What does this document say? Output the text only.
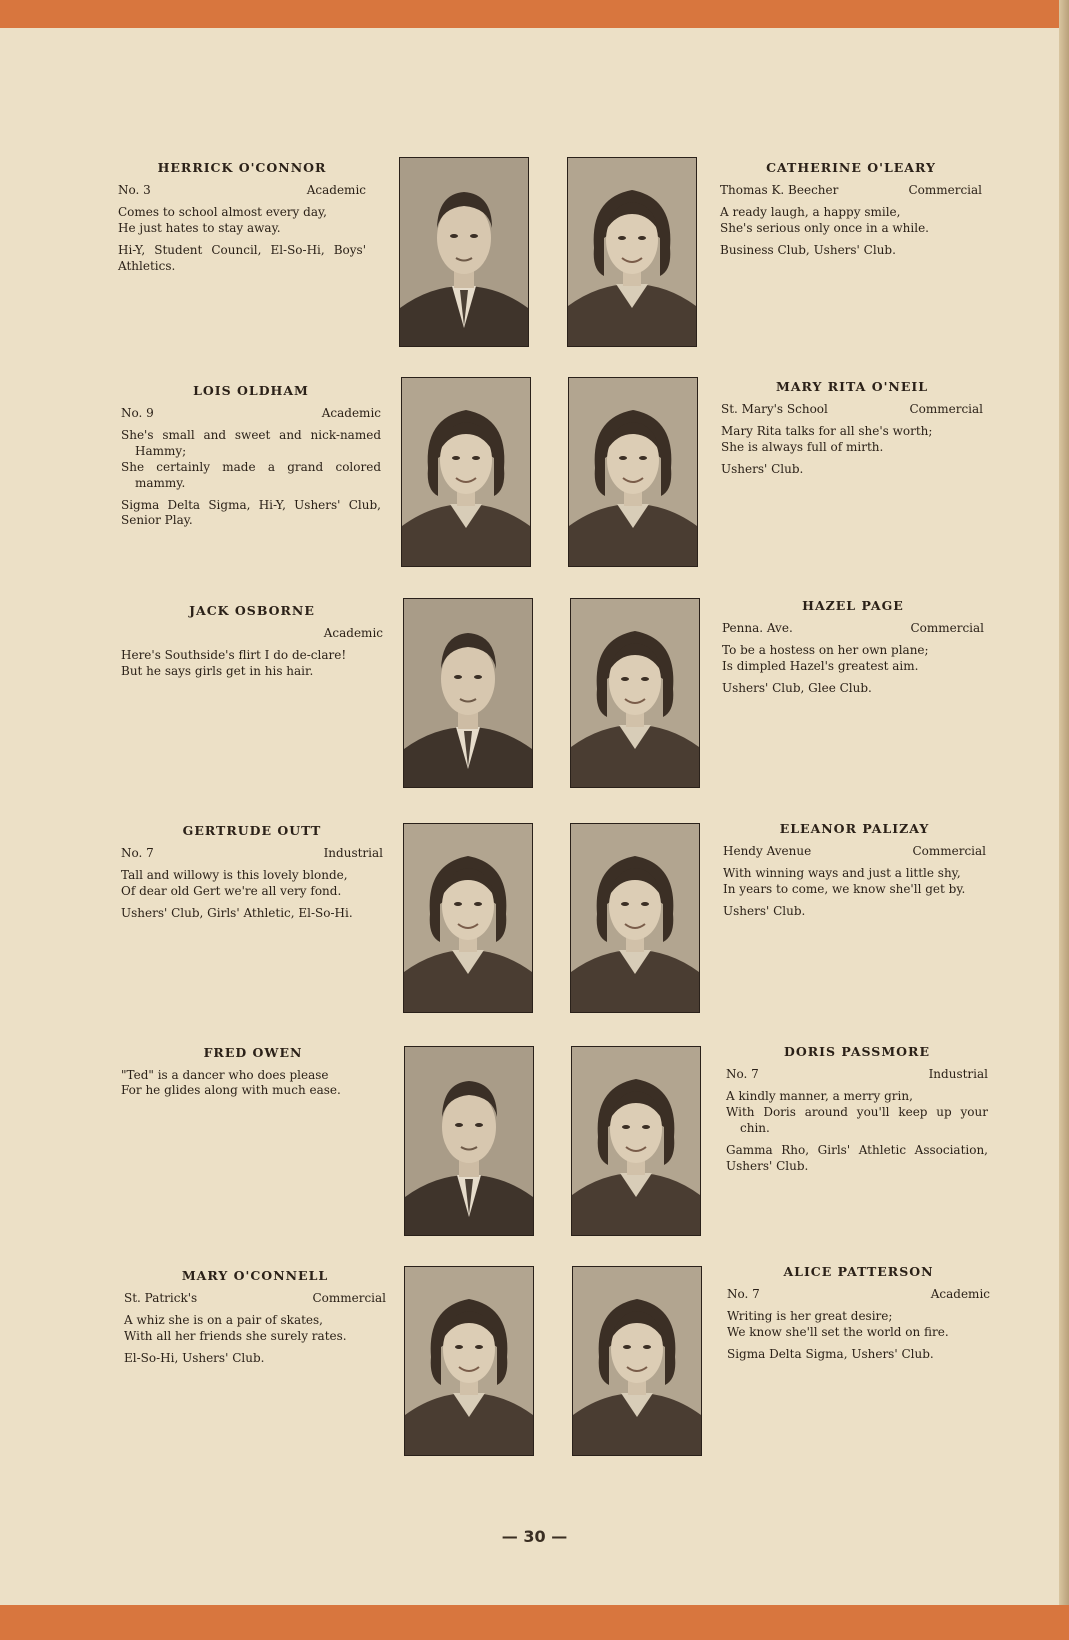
HERRICK O'CONNOR
No. 3	Academic

Comes to school almost every day,

He just hates to stay away.

Hi-Y, Student Council, El-So-Hi, Boys' Athletics.
CATHERINE O'LEARY
Thomas K. Beecher	Commercial

A ready laugh, a happy smile,

She's serious only once in a while.

Business Club, Ushers' Club.
LOIS OLDHAM
No. 9	Academic

She's small and sweet and nick-named Hammy;

She certainly made a grand colored mammy.

Sigma Delta Sigma, Hi-Y, Ushers' Club, Senior Play.
MARY RITA O'NEIL
St. Mary's School	Commercial

Mary Rita talks for all she's worth;

She is always full of mirth.

Ushers' Club.
JACK OSBORNE
Academic

Here's Southside's flirt I do de-clare!

But he says girls get in his hair.

HAZEL PAGE
Penna. Ave.	Commercial

To be a hostess on her own plane;

Is dimpled Hazel's greatest aim.

Ushers' Club, Glee Club.
GERTRUDE OUTT
No. 7	Industrial

Tall and willowy is this lovely blonde,

Of dear old Gert we're all very fond.

Ushers' Club, Girls' Athletic, El-So-Hi.
ELEANOR PALIZAY
Hendy Avenue	Commercial

With winning ways and just a little shy,

In years to come, we know she'll get by.

Ushers' Club.
FRED OWEN

"Ted" is a dancer who does please

For he glides along with much ease.

DORIS PASSMORE
No. 7	Industrial

A kindly manner, a merry grin,

With Doris around you'll keep up your chin.

Gamma Rho, Girls' Athletic Association, Ushers' Club.
MARY O'CONNELL
St. Patrick's	Commercial

A whiz she is on a pair of skates,

With all her friends she surely rates.

El-So-Hi, Ushers' Club.
ALICE PATTERSON
No. 7	Academic

Writing is her great desire;

We know she'll set the world on fire.

Sigma Delta Sigma, Ushers' Club.
— 30 —
